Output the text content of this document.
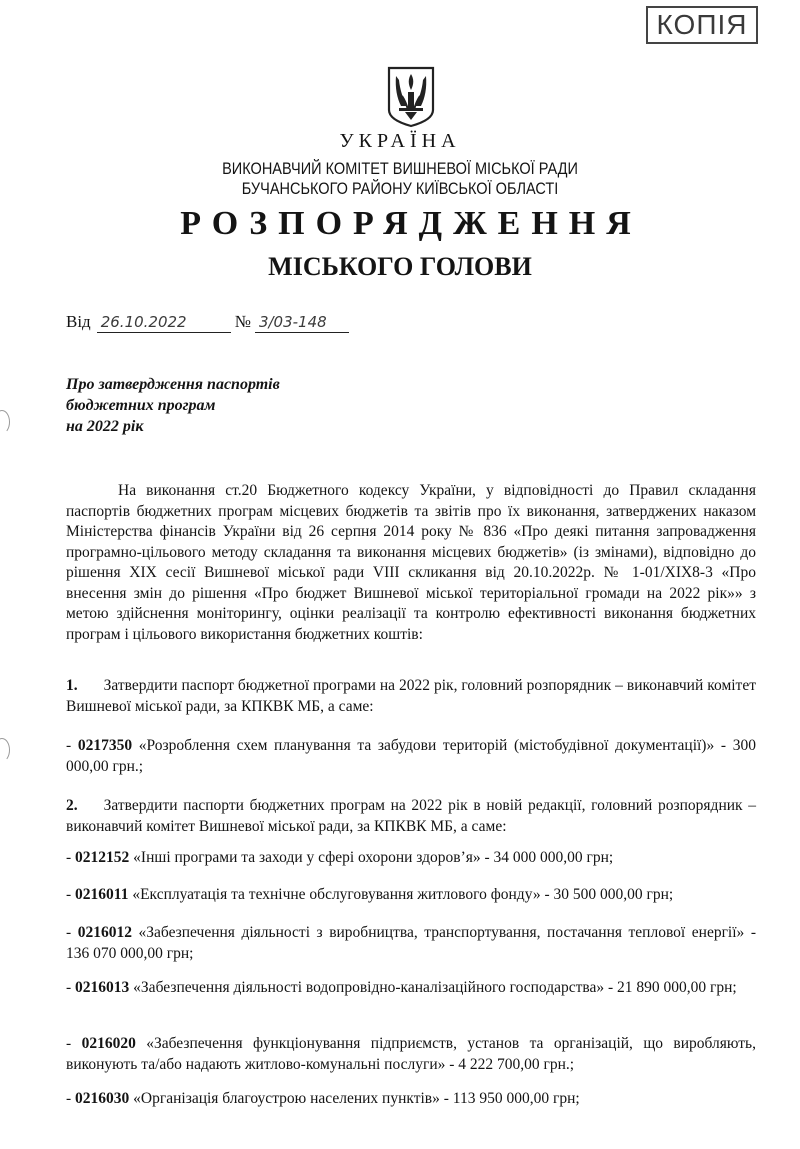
КОПІЯ
УКРАЇНА
ВИКОНАВЧИЙ КОМІТЕТ ВИШНЕВОЇ МІСЬКОЇ РАДИ
БУЧАНСЬКОГО РАЙОНУ КИЇВСЬКОЇ ОБЛАСТІ
РОЗПОРЯДЖЕННЯ
МІСЬКОГО ГОЛОВИ
Від 26.10.2022	№ 3/03-148
Про затвердження паспортів
бюджетних програм
на 2022 рік
На виконання ст.20 Бюджетного кодексу України, у відповідності до Правил складання паспортів бюджетних програм місцевих бюджетів та звітів про їх виконання, затверджених наказом Міністерства фінансів України від 26 серпня 2014 року № 836 «Про деякі питання запровадження програмно-цільового методу складання та виконання місцевих бюджетів» (із змінами), відповідно до рішення XIX сесії Вишневої міської ради VIII скликання від 20.10.2022р. № 1-01/XIX8-3 «Про внесення змін до рішення «Про бюджет Вишневої міської територіальної громади на 2022 рік»» з метою здійснення моніторингу, оцінки реалізації та контролю ефективності виконання бюджетних програм і цільового використання бюджетних коштів:
1. Затвердити паспорт бюджетної програми на 2022 рік, головний розпорядник – виконавчий комітет Вишневої міської ради, за КПКВК МБ, а саме:
- 0217350 «Розроблення схем планування та забудови територій (містобудівної документації)» - 300 000,00 грн.;
2. Затвердити паспорти бюджетних програм на 2022 рік в новій редакції, головний розпорядник – виконавчий комітет Вишневої міської ради, за КПКВК МБ, а саме:
- 0212152 «Інші програми та заходи у сфері охорони здоров’я» - 34 000 000,00 грн;
- 0216011 «Експлуатація та технічне обслуговування житлового фонду» - 30 500 000,00 грн;
- 0216012 «Забезпечення діяльності з виробництва, транспортування, постачання теплової енергії» - 136 070 000,00 грн;
- 0216013 «Забезпечення діяльності водопровідно-каналізаційного господарства» - 21 890 000,00 грн;
- 0216020 «Забезпечення функціонування підприємств, установ та організацій, що виробляють, виконують та/або надають житлово-комунальні послуги» - 4 222 700,00 грн.;
- 0216030 «Організація благоустрою населених пунктів» - 113 950 000,00 грн;
